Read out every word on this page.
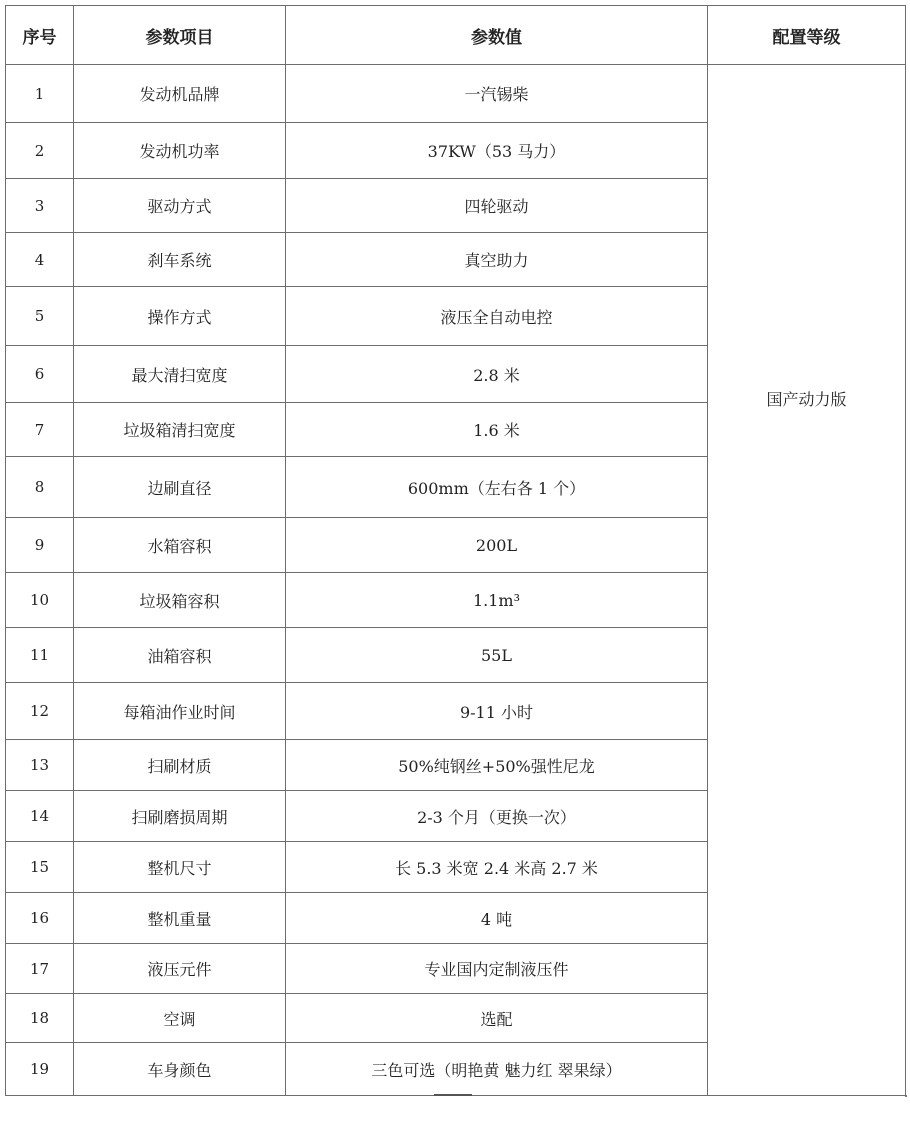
序号	参数项目	参数值	配置等级
1	发动机品牌	一汽锡柴	国产动力版
2	发动机功率	37KW（53 马力）	
3	驱动方式	四轮驱动	
4	刹车系统	真空助力	
5	操作方式	液压全自动电控	
6	最大清扫宽度	2.8 米	
7	垃圾箱清扫宽度	1.6 米	
8	边刷直径	600mm（左右各 1 个）	
9	水箱容积	200L	
10	垃圾箱容积	1.1m³	
11	油箱容积	55L	
12	每箱油作业时间	9-11 小时	
13	扫刷材质	50%纯钢丝+50%强性尼龙	
14	扫刷磨损周期	2-3 个月（更换一次）	
15	整机尺寸	长 5.3 米宽 2.4 米高 2.7 米	
16	整机重量	4 吨	
17	液压元件	专业国内定制液压件	
18	空调	选配	
19	车身颜色	三色可选（明艳黄 魅力红 翠果绿）	
